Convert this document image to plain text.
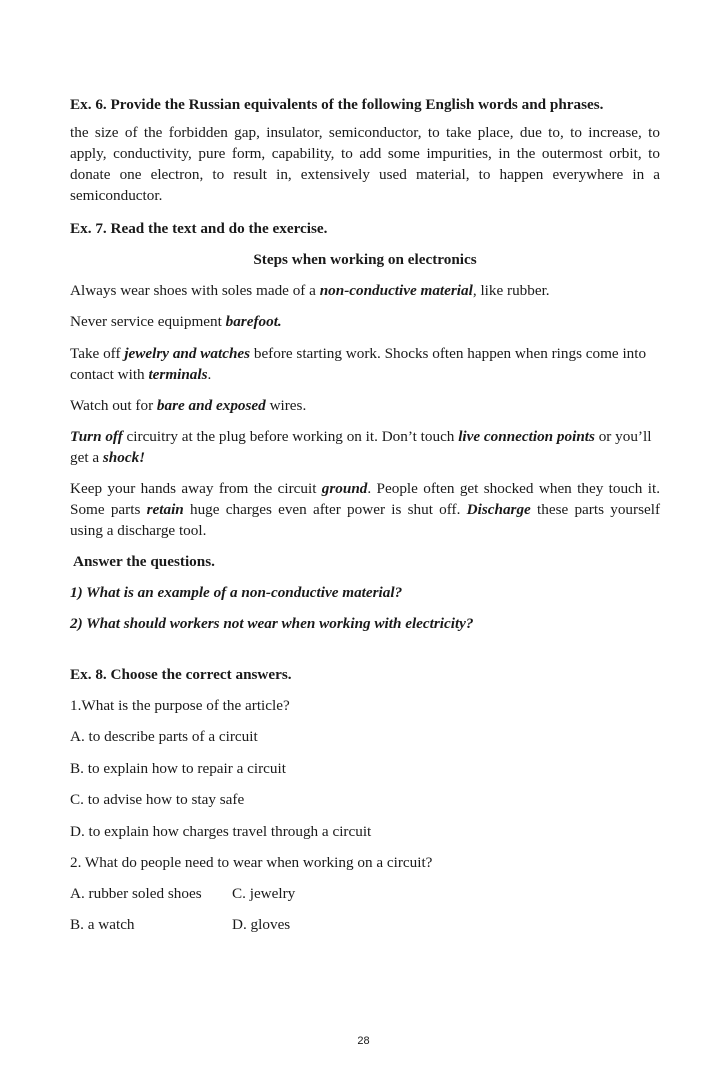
Ex. 6. Provide the Russian equivalents of the following English words and phrases.

the size of the forbidden gap, insulator, semiconductor, to take place, due to, to increase, to apply, conductivity, pure form, capability, to add some impurities, in the outermost orbit, to donate one electron, to result in, extensively used material, to happen everywhere in a semiconductor.

Ex. 7. Read the text and do the exercise.

Steps when working on electronics

Always wear shoes with soles made of a non-conductive material, like rubber.

Never service equipment barefoot.

Take off jewelry and watches before starting work. Shocks often happen when rings come into contact with terminals.

Watch out for bare and exposed wires.

Turn off circuitry at the plug before working on it. Don’t touch live connection points or you’ll get a shock!

Keep your hands away from the circuit ground. People often get shocked when they touch it. Some parts retain huge charges even after power is shut off. Discharge these parts yourself using a discharge tool.

Answer the questions.

1) What is an example of a non-conductive material?

2) What should workers not wear when working with electricity?

Ex. 8. Choose the correct answers.

1.What is the purpose of the article?

A. to describe parts of a circuit

B. to explain how to repair a circuit

C. to advise how to stay safe

D. to explain how charges travel through a circuit

2. What do people need to wear when working on a circuit?

A. rubber soled shoes	C. jewelry
B. a watch	D. gloves
28
